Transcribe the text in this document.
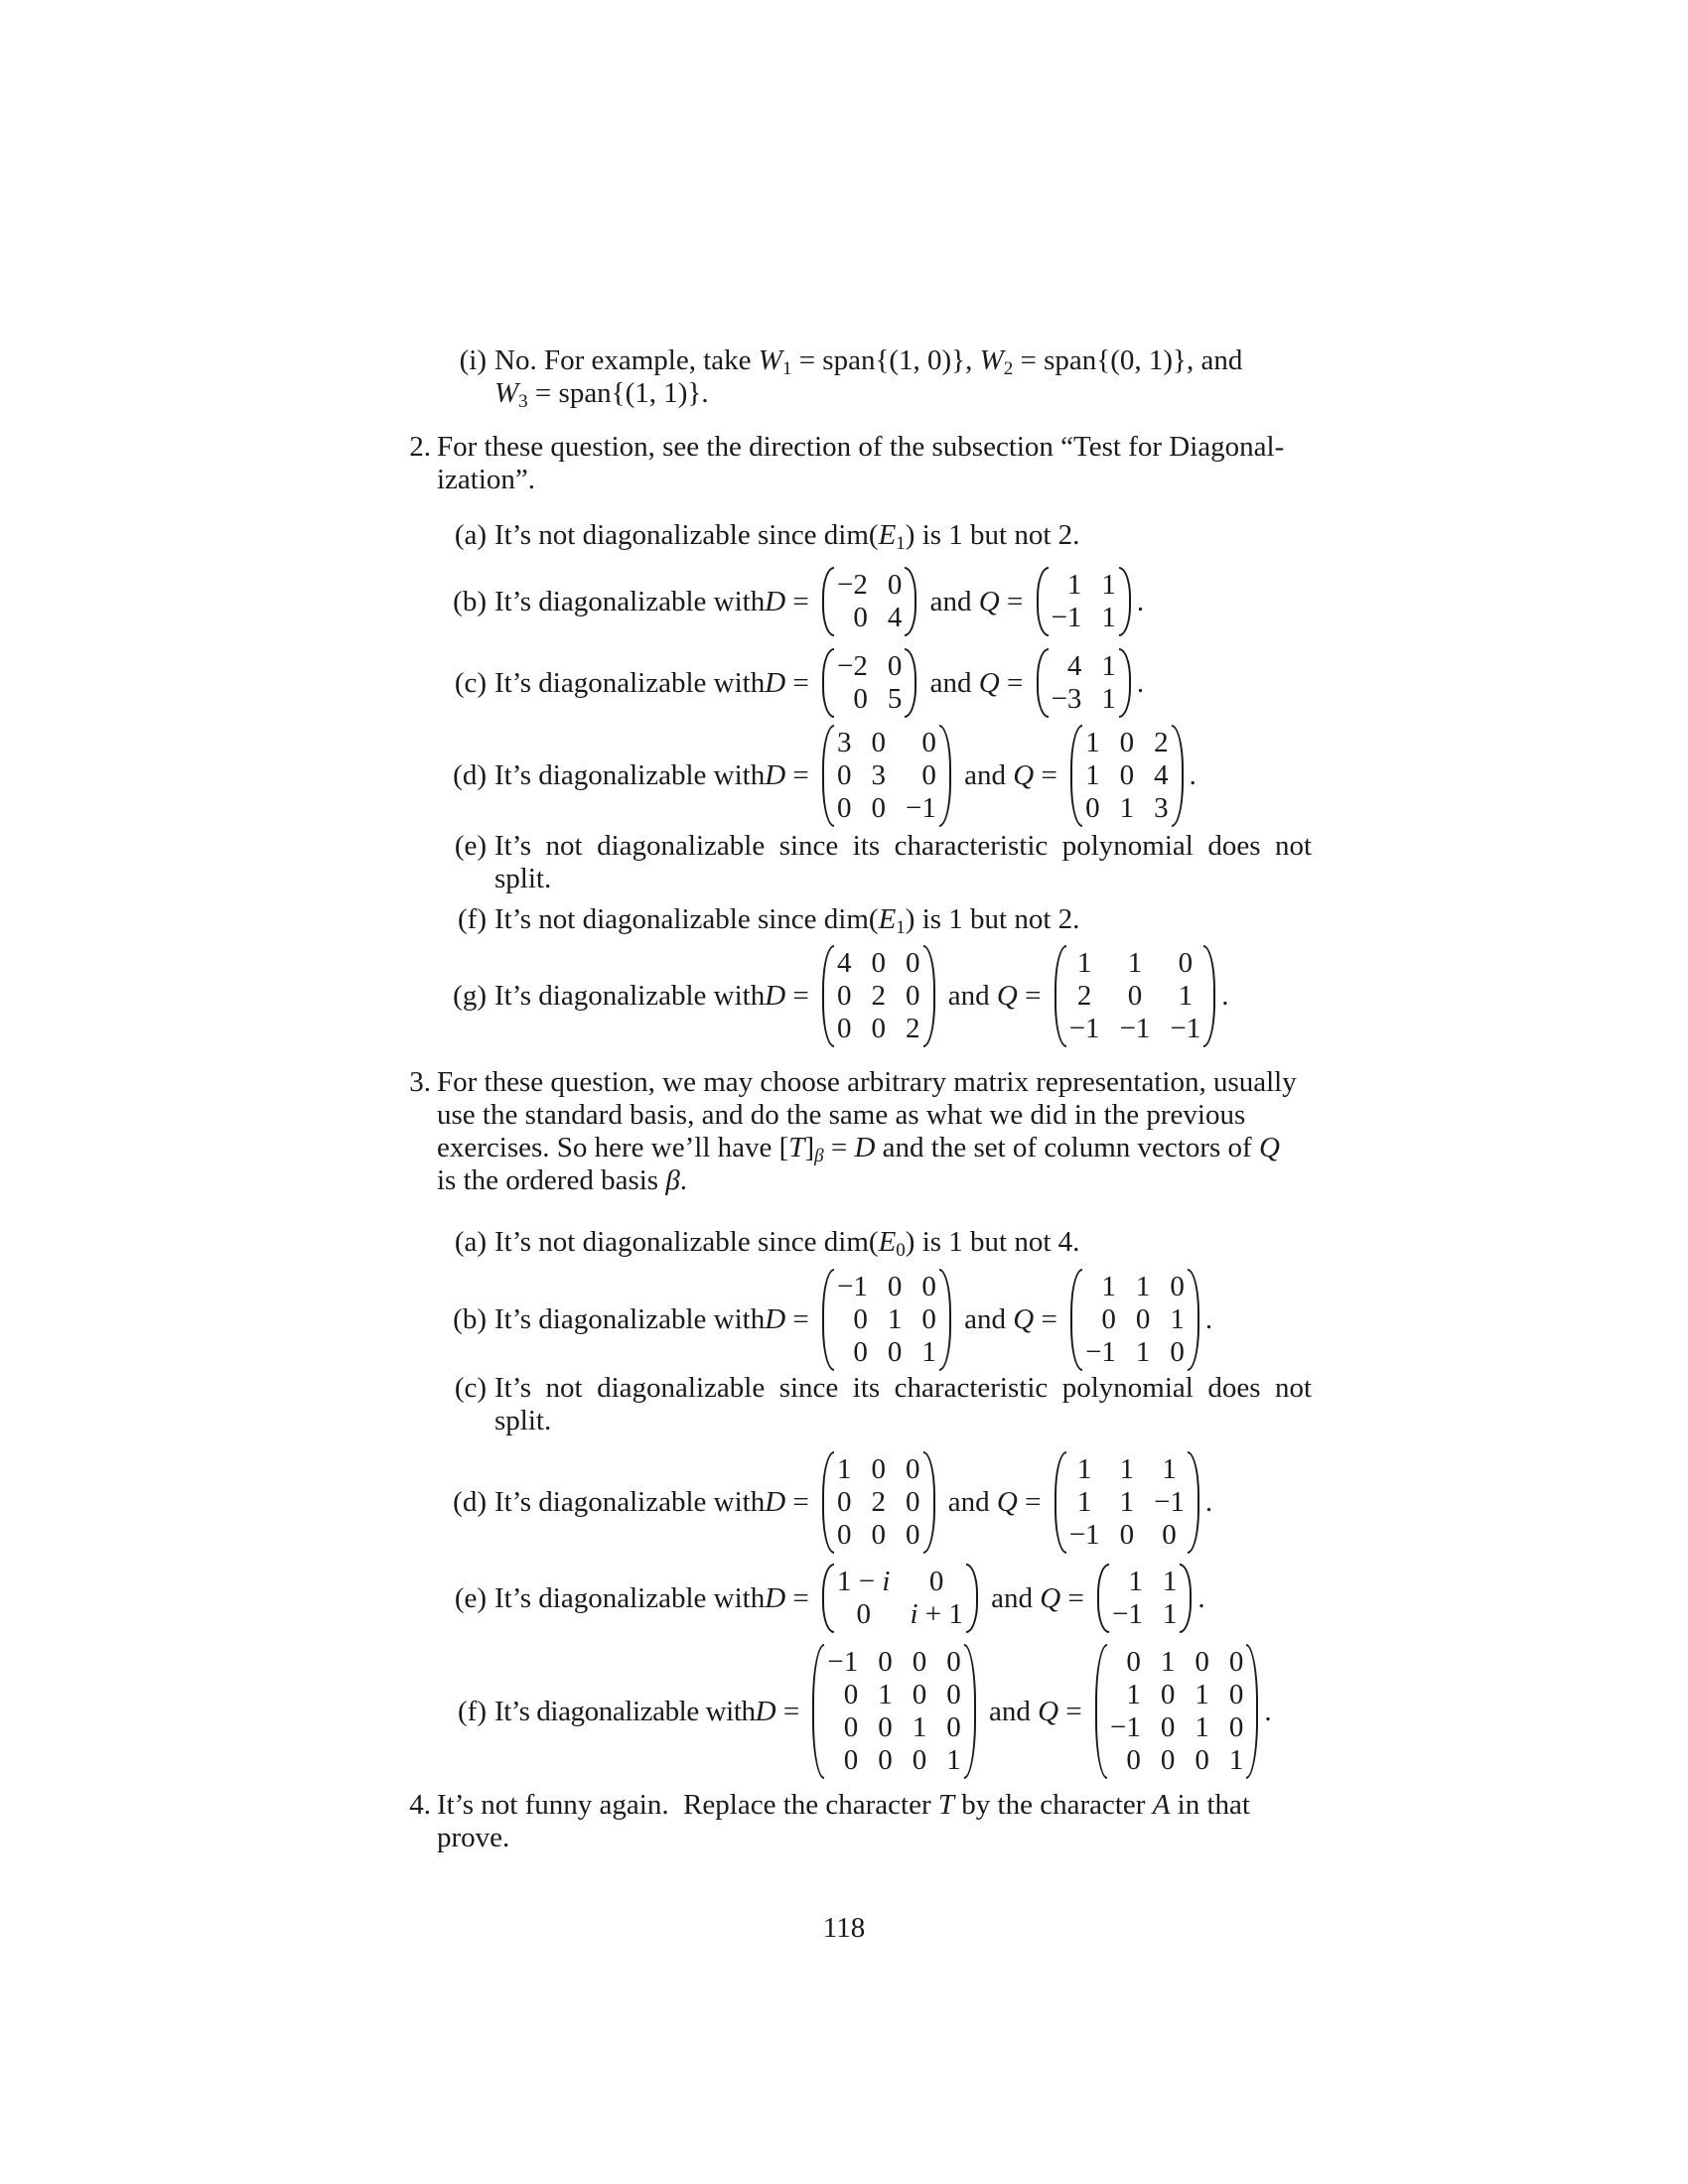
(i) No. For example, take $W_1$ = span{(1, 0)}, $W_2$ = span{(0, 1)}, and
$W_3$ = span{(1, 1)}.
2. For these question, see the direction of the subsection “Test for Diagonal-
ization”.
(a) It’s not diagonalizable since $dim(E_1)$ is 1 but not 2.
(b) It’s diagonalizable with D =
−2 0
0 4
and Q =
1 1
−1 1
.
(c) It’s diagonalizable with D =
−2 0
0 5
and Q =
4 1
−3 1
.
(d) It’s diagonalizable with D =
3 0	0
0 3	0
0 0 −1
and Q =
1 0 2
1 0 4
0 1 3
.
(e) It’s  not  diagonalizable  since  its  characteristic  polynomial  does  not
split.
(f) It’s not diagonalizable since $dim(E_1)$ is 1 but not 2.
(g) It’s diagonalizable with D =
4 0 0
0 2 0
0 0 2
and Q =
1 1 0
2 0 1
−1 −1 −1
.
3. For these question, we may choose arbitrary matrix representation, usually
use the standard basis, and do the same as what we did in the previous
exercises. So here we’ll have $[T]_\beta = D$ and the set of column vectors of Q
is the ordered basis β.
(a) It’s not diagonalizable since $dim(E_0)$ is 1 but not 4.
(b) It’s diagonalizable with D =
−1 0 0
0 1 0
0 0 1
and Q =
1 1 0
0 0 1
−1 1 0
.
(c) It’s  not  diagonalizable  since  its  characteristic  polynomial  does  not
split.
(d) It’s diagonalizable with D =
1 0 0
0 2 0
0 0 0
and Q =
1 1 1
1 1 −1
−1 0 0
.
(e) It’s diagonalizable with D =
1 − i	0
0	i + 1
and Q =
1 1
−1 1
.
(f) It’s diagonalizable with D =
−1 0 0 0
0 1 0 0
0 0 1 0
0 0 0 1
and Q =
0 1 0 0
1 0 1 0
−1 0 1 0
0 0 0 1
.
4. It’s not funny again.  Replace the character T by the character A in that
prove.
118
